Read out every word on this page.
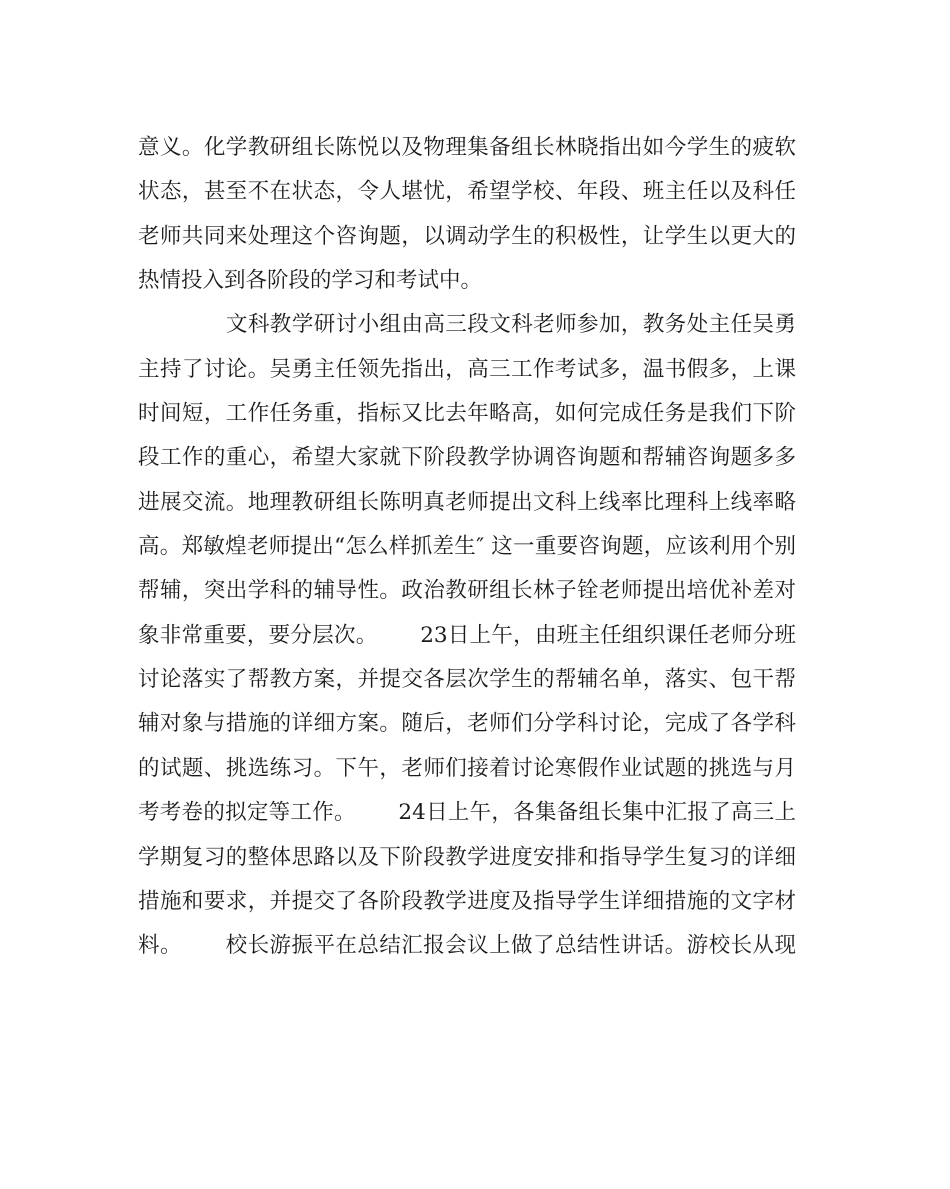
意义。化学教研组长陈悦以及物理集备组长林晓指出如今学生的疲软
状态，甚至不在状态，令人堪忧，希望学校、年段、班主任以及科任
老师共同来处理这个咨询题，以调动学生的积极性，让学生以更大的
热情投入到各阶段的学习和考试中。
文科教学研讨小组由高三段文科老师参加，教务处主任吴勇
主持了讨论。吴勇主任领先指出，高三工作考试多，温书假多，上课
时间短，工作任务重，指标又比去年略高，如何完成任务是我们下阶
段工作的重心，希望大家就下阶段教学协调咨询题和帮辅咨询题多多
进展交流。地理教研组长陈明真老师提出文科上线率比理科上线率略
高。郑敏煌老师提出“怎么样抓差生″ 这一重要咨询题，应该利用个别
帮辅，突出学科的辅导性。政治教研组长林子铨老师提出培优补差对
象非常重要，要分层次。      23日上午，由班主任组织课任老师分班
讨论落实了帮教方案，并提交各层次学生的帮辅名单，落实、包干帮
辅对象与措施的详细方案。随后，老师们分学科讨论，完成了各学科
的试题、挑选练习。下午，老师们接着讨论寒假作业试题的挑选与月
考考卷的拟定等工作。      24日上午，各集备组长集中汇报了高三上
学期复习的整体思路以及下阶段教学进度安排和指导学生复习的详细
措施和要求，并提交了各阶段教学进度及指导学生详细措施的文字材
料。      校长游振平在总结汇报会议上做了总结性讲话。游校长从现
